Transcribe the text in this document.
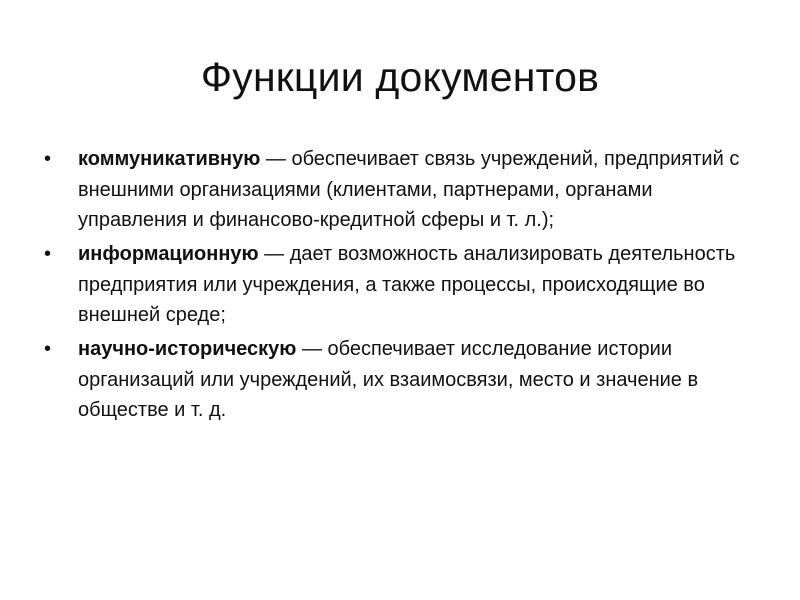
Функции документов
• коммуникативную — обеспечивает связь учреждений, предприятий с внешними организациями (клиентами, партнерами, органами управления и финансово-кредитной сферы и т. л.);
• информационную — дает возможность анализировать деятельность предприятия или учреждения, а также процессы, происходящие во внешней среде;
• научно-историческую — обеспечивает исследование истории организаций или учреждений, их взаимосвязи, место и значение в обществе и т. д.
